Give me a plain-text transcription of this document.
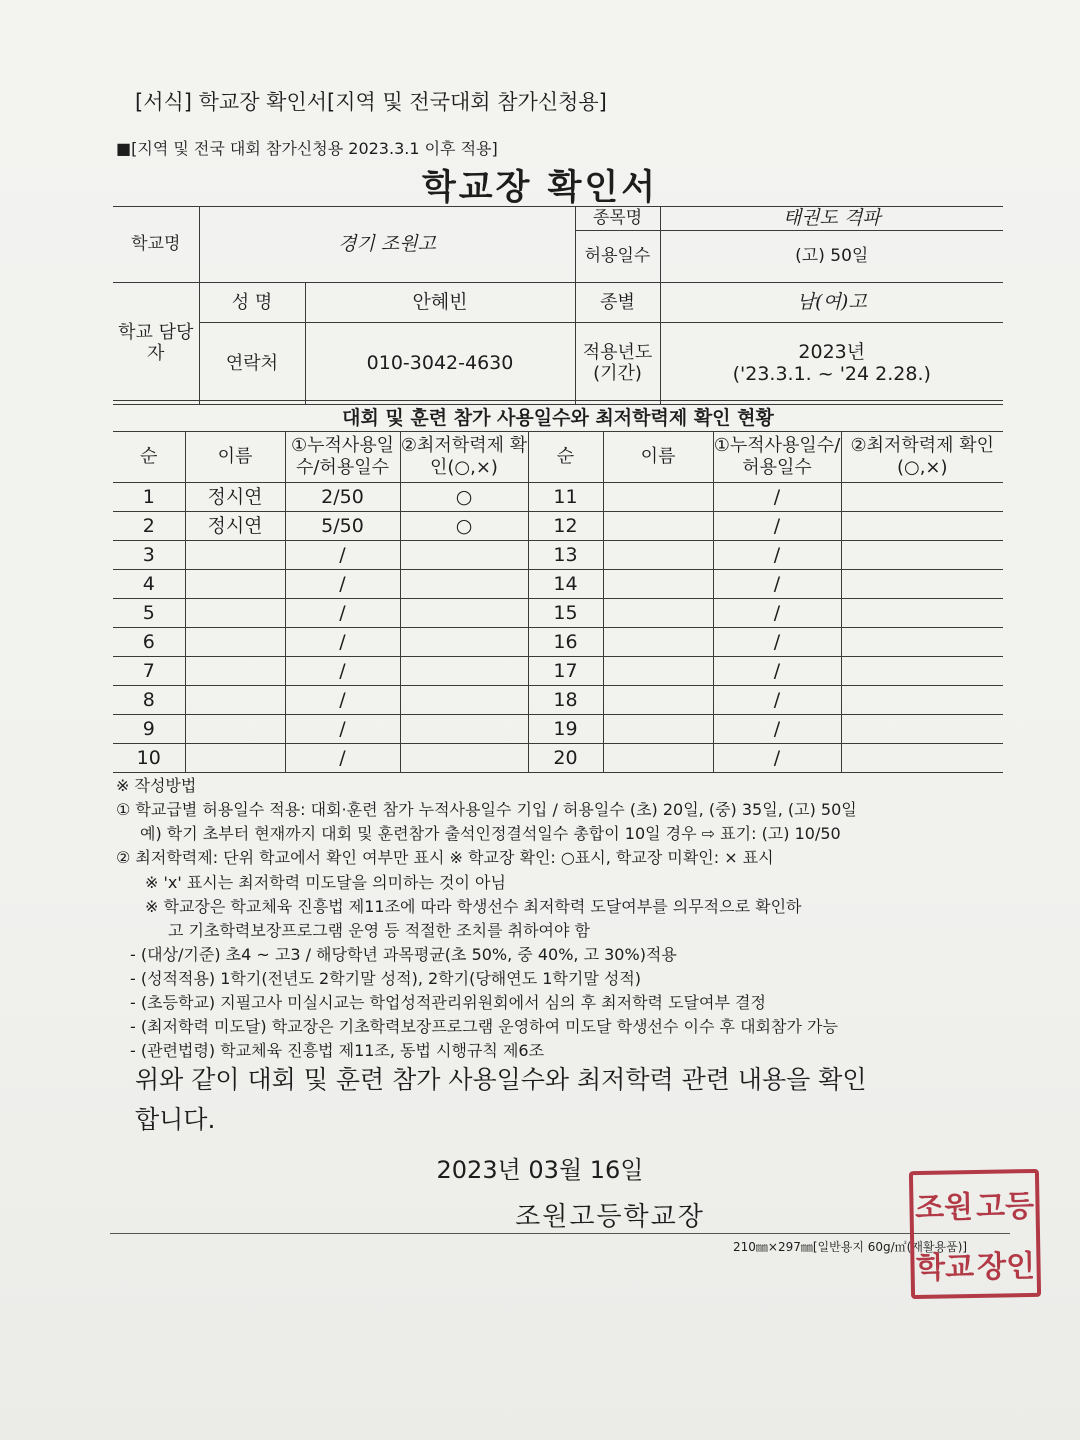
[서식] 학교장 확인서[지역 및 전국대회 참가신청용]
■[지역 및 전국 대회 참가신청용 2023.3.1 이후 적용]
학교장 확인서
학교명	경기 조원고		종목명	태권도 격파
			허용일수	(고) 50일
학교 담당자	성 명	안혜빈	종별	남(여)고
	연락처	010-3042-4630	적용년도 (기간)	2023년
('23.3.1. ~ '24 2.28.)
대회 및 훈련 참가 사용일수와 최저학력제 확인 현황
순	이름	①누적사용일수/허용일수	②최저학력제 확인(○,×)	순	이름	①누적사용일수/허용일수	②최저학력제 확인(○,×)
1	정시연	2/50	○	11		/	
2	정시연	5/50	○	12		/	
3		/		13		/	
4		/		14		/	
5		/		15		/	
6		/		16		/	
7		/		17		/	
8		/		18		/	
9		/		19		/	
10		/		20		/	
※ 작성방법
① 학교급별 허용일수 적용: 대회·훈련 참가 누적사용일수 기입 / 허용일수 (초) 20일, (중) 35일, (고) 50일
예) 학기 초부터 현재까지 대회 및 훈련참가 출석인정결석일수 총합이 10일 경우 ⇨ 표기: (고) 10/50
② 최저학력제: 단위 학교에서 확인 여부만 표시 ※ 학교장 확인: ○표시, 학교장 미확인: × 표시
※ 'x' 표시는 최저학력 미도달을 의미하는 것이 아님
※ 학교장은 학교체육 진흥법 제11조에 따라 학생선수 최저학력 도달여부를 의무적으로 확인하
고 기초학력보장프로그램 운영 등 적절한 조치를 취하여야 함
- (대상/기준) 초4 ~ 고3 / 해당학년 과목평균(초 50%, 중 40%, 고 30%)적용
- (성적적용) 1학기(전년도 2학기말 성적), 2학기(당해연도 1학기말 성적)
- (초등학교) 지필고사 미실시교는 학업성적관리위원회에서 심의 후 최저학력 도달여부 결정
- (최저학력 미도달) 학교장은 기초학력보장프로그램 운영하여 미도달 학생선수 이수 후 대회참가 가능
- (관련법령) 학교체육 진흥법 제11조, 동법 시행규칙 제6조
위와 같이 대회 및 훈련 참가 사용일수와 최저학력 관련 내용을 확인
합니다.
2023년 03월 16일
조원고등학교장
210㎜×297㎜[일반용지 60g/㎡(재활용품)]
조원 고등
학교 장인
